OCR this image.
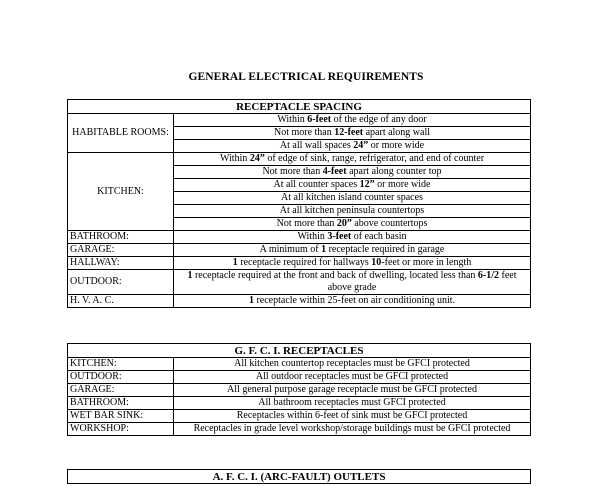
GENERAL ELECTRICAL REQUIREMENTS
RECEPTACLE SPACING	
HABITABLE ROOMS:	Within 6-feet of the edge of any door
	Not more than 12-feet apart along wall
	At all wall spaces 24” or more wide
KITCHEN:	Within 24” of edge of sink, range, refrigerator, and end of counter
	Not more than 4-feet apart along counter top
	At all counter spaces 12” or more wide
	At all kitchen island counter spaces
	At all kitchen peninsula countertops
	Not more than 20” above countertops
BATHROOM:	Within 3-feet of each basin
GARAGE:	A minimum of 1 receptacle required in garage
HALLWAY:	1 receptacle required for hallways 10-feet or more in length
OUTDOOR:	1 receptacle required at the front and back of dwelling, located less than 6-1/2 feet above grade
H. V. A. C.	1 receptacle within 25-feet on air conditioning unit.
G. F. C. I. RECEPTACLES	
KITCHEN:	All kitchen countertop receptacles must be GFCI protected
OUTDOOR:	All outdoor receptacles must be GFCI protected
GARAGE:	All general purpose garage receptacle must be GFCI protected
BATHROOM:	All bathroom receptacles must GFCI protected
WET BAR SINK:	Receptacles within 6-feet of sink must be GFCI protected
WORKSHOP:	Receptacles in grade level workshop/storage buildings must be GFCI protected
A. F. C. I. (ARC-FAULT) OUTLETS
